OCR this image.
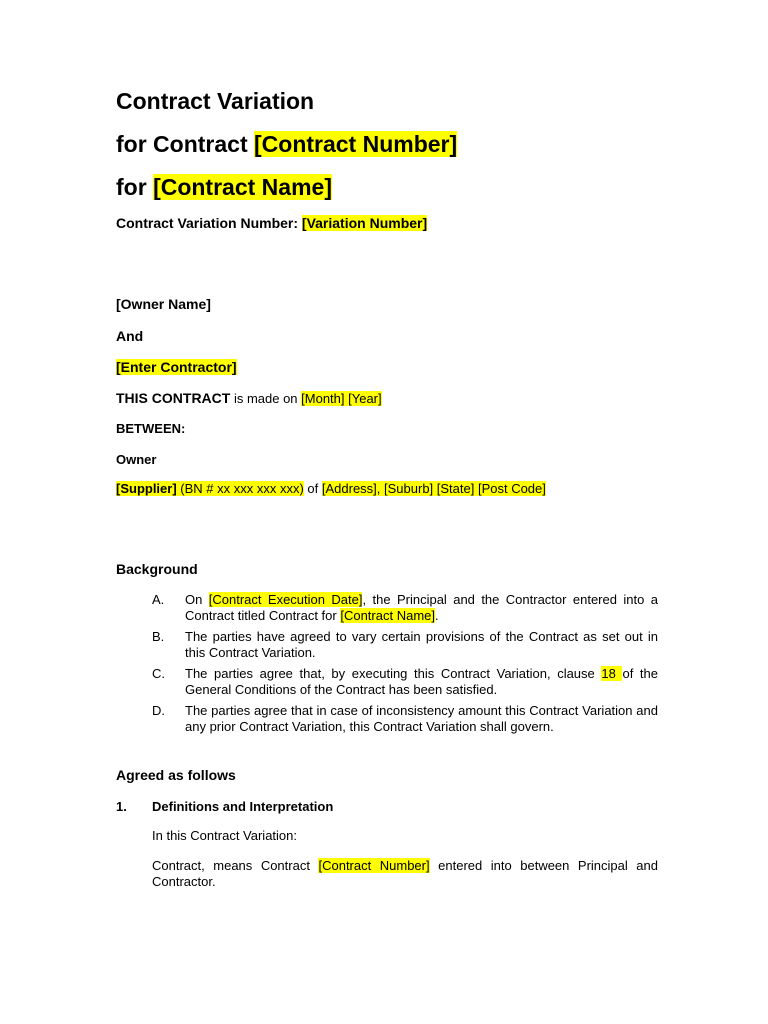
Contract Variation
for Contract [Contract Number]
for [Contract Name]
Contract Variation Number: [Variation Number]
[Owner Name]
And
[Enter Contractor]
THIS CONTRACT is made on [Month] [Year]
BETWEEN:
Owner
[Supplier] (BN # xx xxx xxx xxx) of [Address], [Suburb] [State] [Post Code]
Background
A.	On [Contract Execution Date], the Principal and the Contractor entered into a Contract titled Contract for [Contract Name].
B.	The parties have agreed to vary certain provisions of the Contract as set out in this Contract Variation.
C.	The parties agree that, by executing this Contract Variation, clause 18 of the General Conditions of the Contract has been satisfied.
D.	The parties agree that in case of inconsistency amount this Contract Variation and any prior Contract Variation, this Contract Variation shall govern.
Agreed as follows
1. Definitions and Interpretation
In this Contract Variation:
Contract, means Contract [Contract Number] entered into between Principal and Contractor.
